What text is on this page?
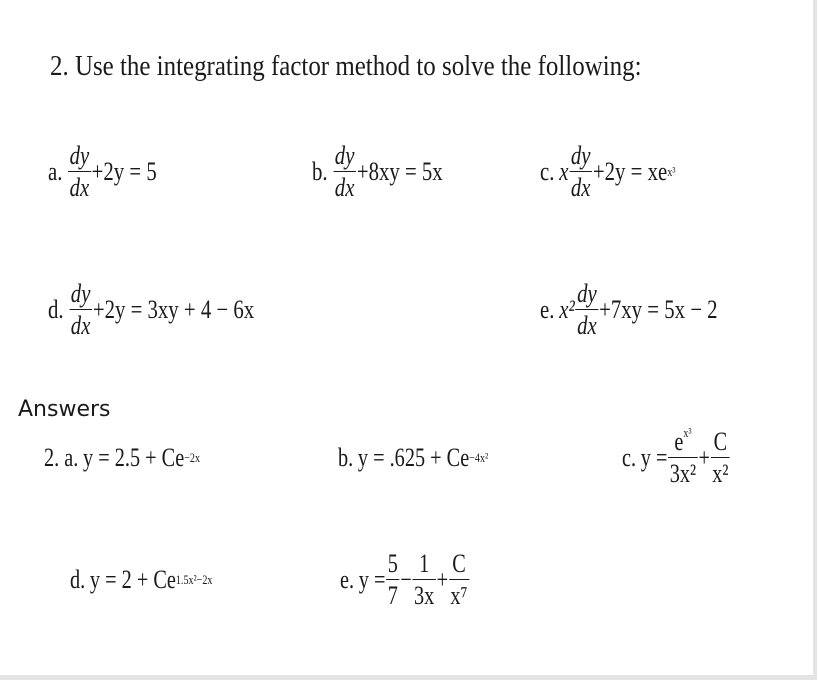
2. Use the integrating factor method to solve the following:
a. $\frac{dy}{dx} +2y = 5$	b. $\frac{dy}{dx} +8xy = 5x$	c. x $\frac{dy}{dx} +2y$ = xe x³
d. $\frac{dy}{dx} +2y = 3xy + 4 - 6x$	e. $x^2 \frac{dy}{dx} +7xy = 5x - 2$
Answers
2. a. y = 2.5 + Ce −2x	b. y = .625 + Ce −4x²	c. $y = \frac{e^{x^3}}{\text{3x²}} + \frac{C}{\text{x²}}$
d. y = 2 + Ce 1.5x²−2x	e. $y = \frac{5}{7} - \frac{1}{3x} + \frac{C}{\text{x⁷}}$
